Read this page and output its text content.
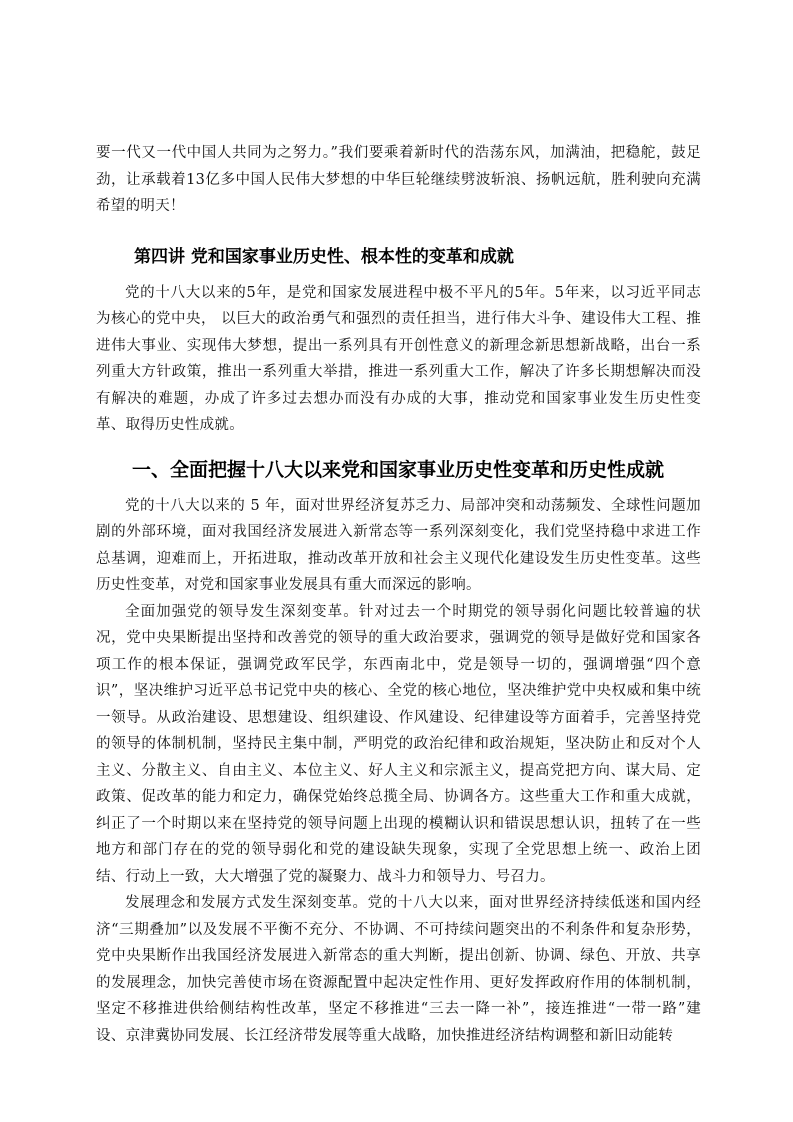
要一代又一代中国人共同为之努力。”我们要乘着新时代的浩荡东风，加满油，把稳舵，鼓足劲，让承载着13亿多中国人民伟大梦想的中华巨轮继续劈波斩浪、扬帆远航，胜利驶向充满希望的明天！

第四讲 党和国家事业历史性、根本性的变革和成就

党的十八大以来的5年，是党和国家发展进程中极不平凡的5年。5年来，以习近平同志为核心的党中央， 以巨大的政治勇气和强烈的责任担当，进行伟大斗争、建设伟大工程、推进伟大事业、实现伟大梦想，提出一系列具有开创性意义的新理念新思想新战略，出台一系列重大方针政策，推出一系列重大举措，推进一系列重大工作，解决了许多长期想解决而没有解决的难题，办成了许多过去想办而没有办成的大事，推动党和国家事业发生历史性变革、取得历史性成就。

一、全面把握十八大以来党和国家事业历史性变革和历史性成就

党的十八大以来的 5 年，面对世界经济复苏乏力、局部冲突和动荡频发、全球性问题加剧的外部环境，面对我国经济发展进入新常态等一系列深刻变化，我们党坚持稳中求进工作总基调，迎难而上，开拓进取，推动改革开放和社会主义现代化建设发生历史性变革。这些历史性变革，对党和国家事业发展具有重大而深远的影响。

全面加强党的领导发生深刻变革。针对过去一个时期党的领导弱化问题比较普遍的状况，党中央果断提出坚持和改善党的领导的重大政治要求，强调党的领导是做好党和国家各项工作的根本保证，强调党政军民学，东西南北中，党是领导一切的，强调增强“四个意识”，坚决维护习近平总书记党中央的核心、全党的核心地位，坚决维护党中央权威和集中统一领导。从政治建设、思想建设、组织建设、作风建设、纪律建设等方面着手，完善坚持党的领导的体制机制，坚持民主集中制，严明党的政治纪律和政治规矩，坚决防止和反对个人主义、分散主义、自由主义、本位主义、好人主义和宗派主义，提高党把方向、谋大局、定政策、促改革的能力和定力，确保党始终总揽全局、协调各方。这些重大工作和重大成就，纠正了一个时期以来在坚持党的领导问题上出现的模糊认识和错误思想认识，扭转了在一些地方和部门存在的党的领导弱化和党的建设缺失现象，实现了全党思想上统一、政治上团结、行动上一致，大大增强了党的凝聚力、战斗力和领导力、号召力。

发展理念和发展方式发生深刻变革。党的十八大以来，面对世界经济持续低迷和国内经济“三期叠加”以及发展不平衡不充分、不协调、不可持续问题突出的不利条件和复杂形势，党中央果断作出我国经济发展进入新常态的重大判断，提出创新、协调、绿色、开放、共享的发展理念，加快完善使市场在资源配置中起决定性作用、更好发挥政府作用的体制机制，坚定不移推进供给侧结构性改革，坚定不移推进“三去一降一补”，接连推进“一带一路”建设、京津冀协同发展、长江经济带发展等重大战略，加快推进经济结构调整和新旧动能转
